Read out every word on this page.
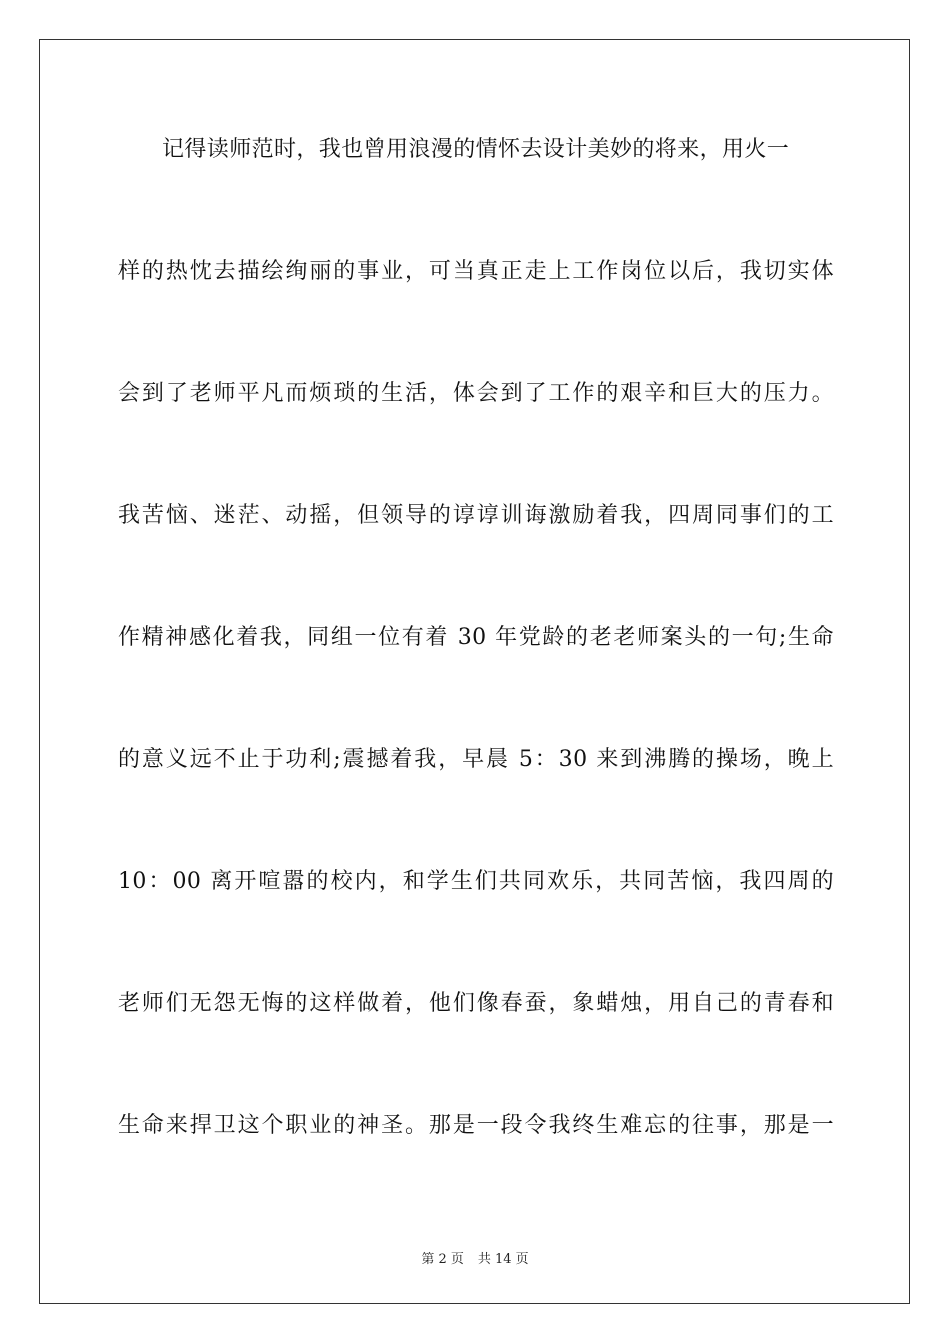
记得读师范时，我也曾用浪漫的情怀去设计美妙的将来，用火一
样的热忱去描绘绚丽的事业，可当真正走上工作岗位以后，我切实体
会到了老师平凡而烦琐的生活，体会到了工作的艰辛和巨大的压力。
我苦恼、迷茫、动摇，但领导的谆谆训诲激励着我，四周同事们的工
作精神感化着我，同组一位有着 30 年党龄的老老师案头的一句;生命
的意义远不止于功利;震撼着我，早晨 5：30 来到沸腾的操场，晚上
10：00 离开喧嚣的校内，和学生们共同欢乐，共同苦恼，我四周的
老师们无怨无悔的这样做着，他们像春蚕，象蜡烛，用自己的青春和
生命来捍卫这个职业的神圣。那是一段令我终生难忘的往事，那是一
第 2 页 共 14 页
